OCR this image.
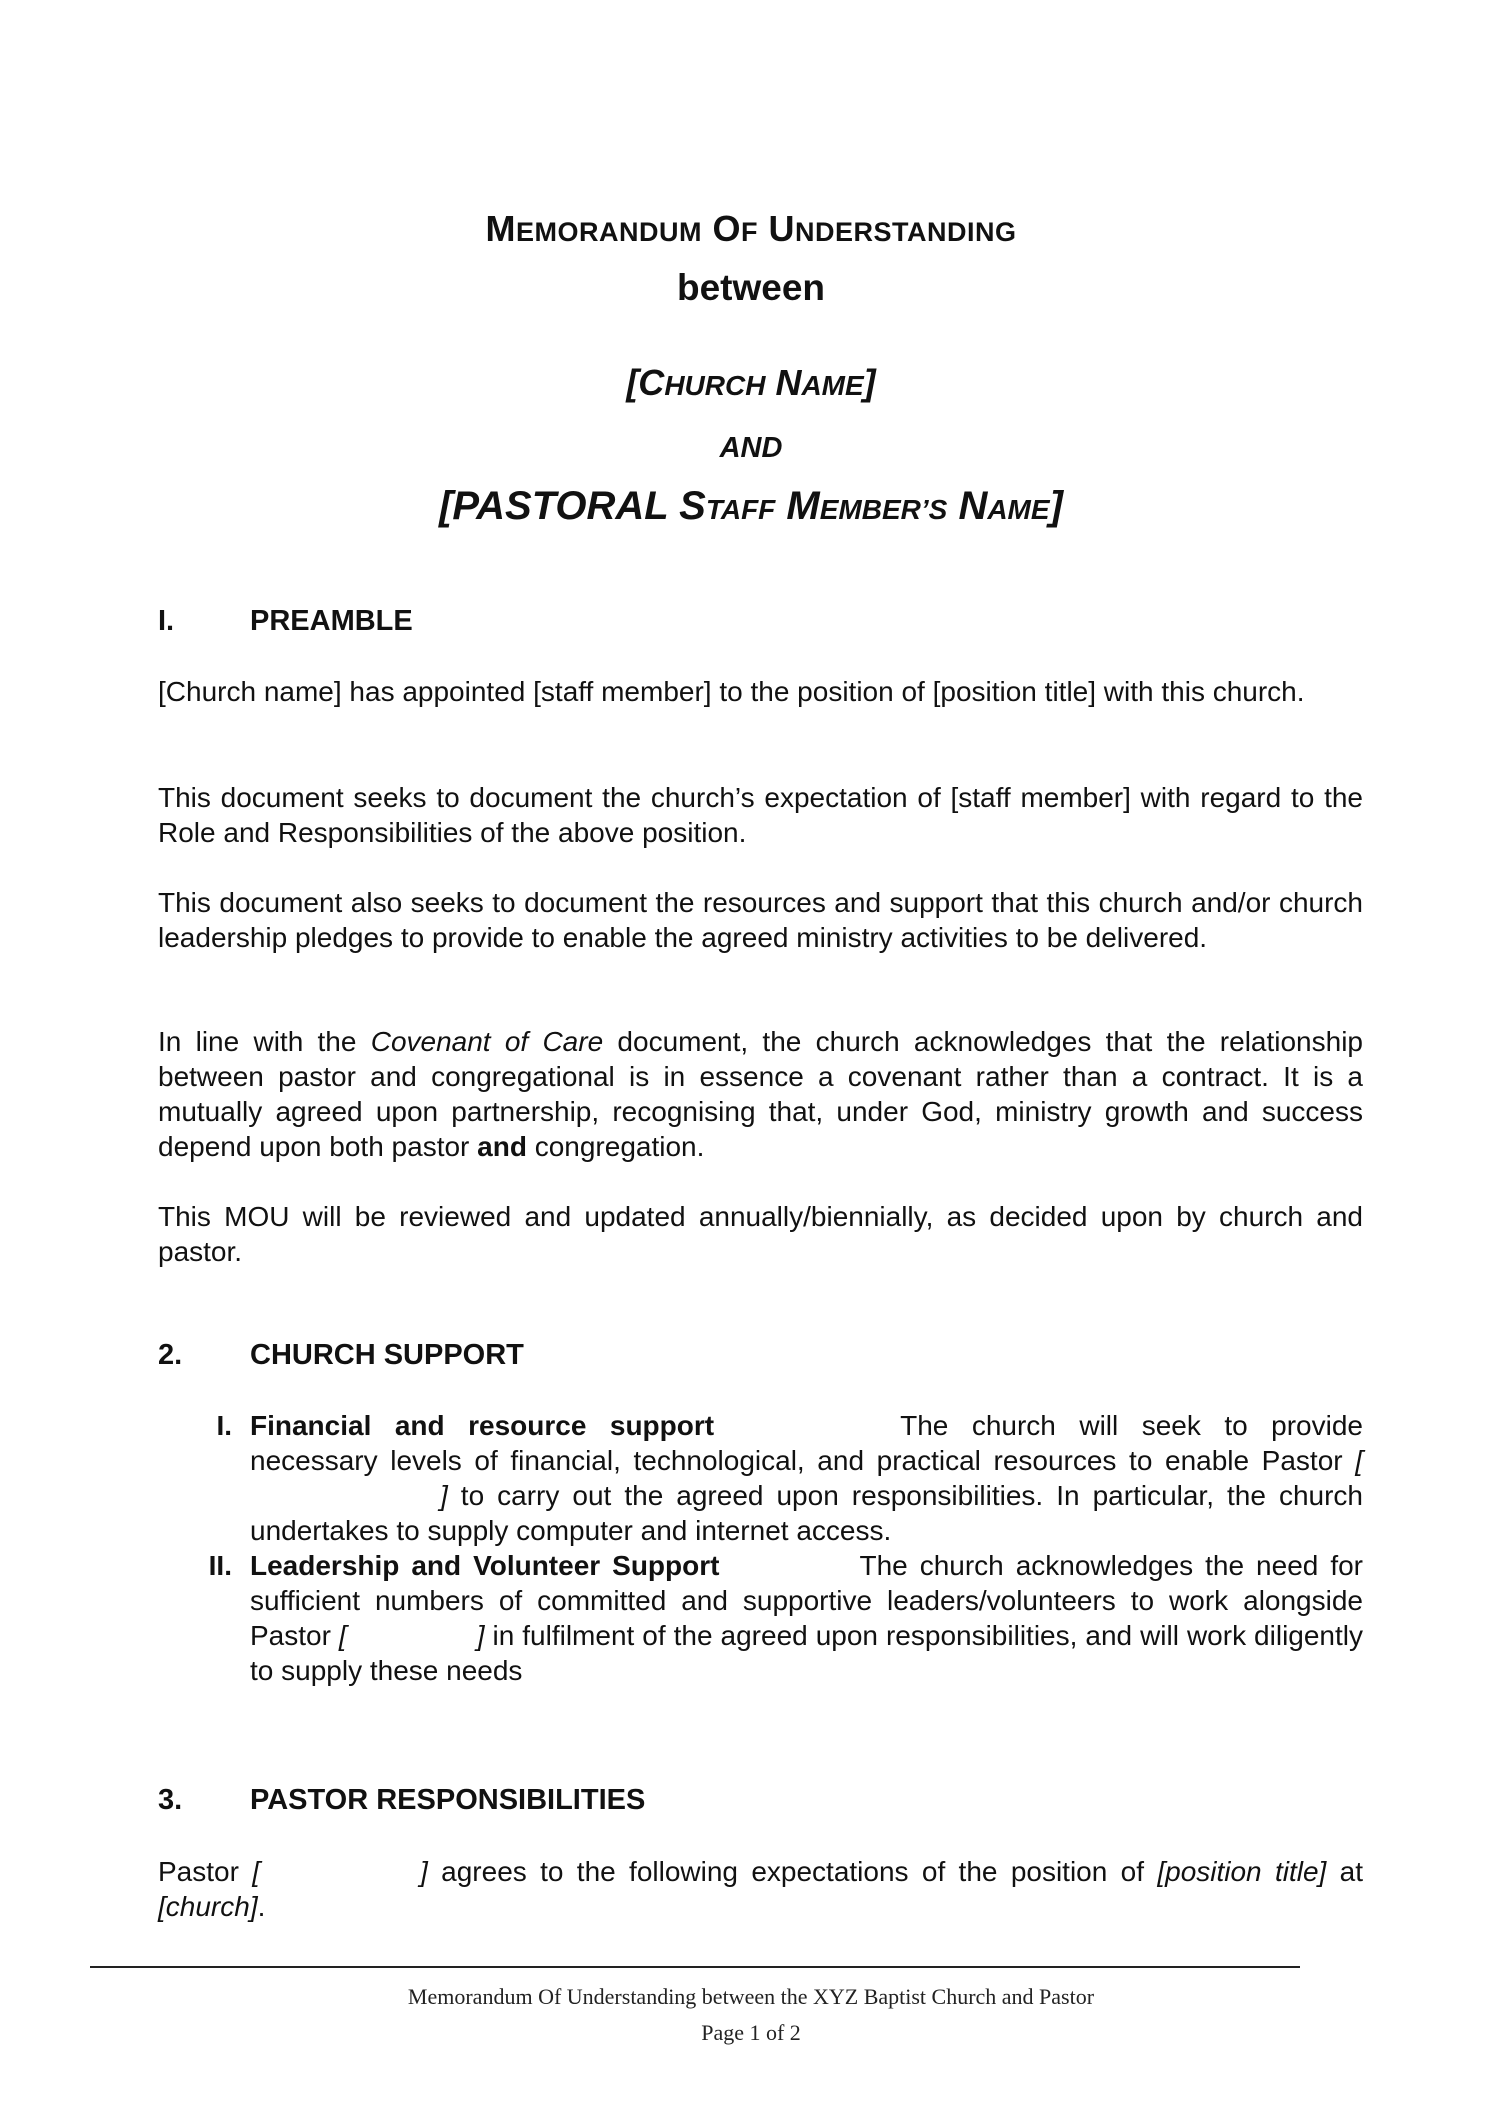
MEMORANDUM OF UNDERSTANDING
between
[CHURCH NAME]
AND
[PASTORAL STAFF MEMBER’S NAME]
I.	PREAMBLE
[Church name] has appointed [staff member] to the position of [position title] with this church.
This document seeks to document the church’s expectation of [staff member] with regard to the Role and Responsibilities of the above position.
This document also seeks to document the resources and support that this church and/or church leadership pledges to provide to enable the agreed ministry activities to be delivered.
In line with the Covenant of Care document, the church acknowledges that the relationship between pastor and congregational is in essence a covenant rather than a contract. It is a mutually agreed upon partnership, recognising that, under God, ministry growth and success depend upon both pastor and congregation.
This MOU will be reviewed and updated annually/biennially, as decided upon by church and pastor.
2. CHURCH SUPPORT
I. Financial and resource support	The church will seek to provide necessary levels of financial, technological, and practical resources to enable Pastor [] to carry out the agreed upon responsibilities. In particular, the church undertakes to supply computer and internet access.
II. Leadership and Volunteer Support	The church acknowledges the need for sufficient numbers of committed and supportive leaders/volunteers to work alongside Pastor [	] in fulfilment of the agreed upon responsibilities, and will work diligently to supply these needs
3. PASTOR RESPONSIBILITIES
Pastor [	] agrees to the following expectations of the position of [position title] at [church].
Memorandum Of Understanding between the XYZ Baptist Church and Pastor
Page 1 of 2
